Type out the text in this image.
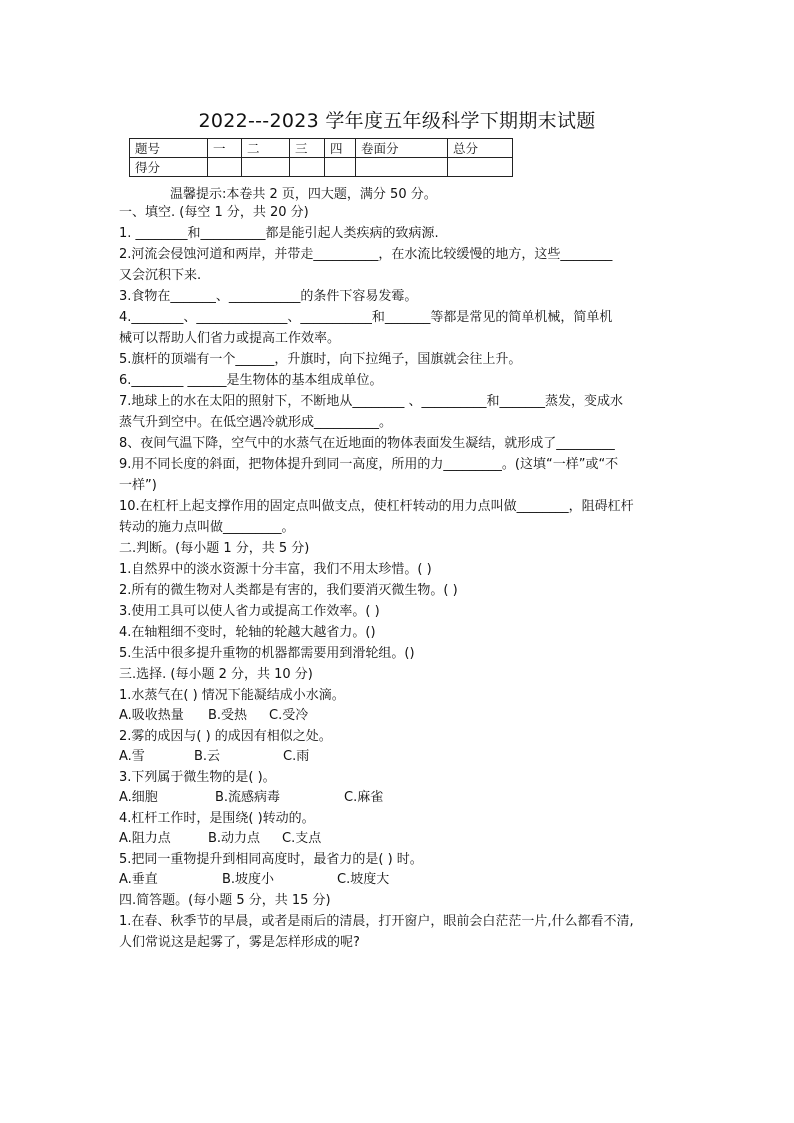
2022---2023 学年度五年级科学下期期末试题
题号	一	二	三	四	卷面分	总分
得分						
温馨提示:本卷共 2 页，四大题，满分 50 分。
一、填空. (每空 1 分，共 20 分)
1. ________和__________都是能引起人类疾病的致病源.
2.河流会侵蚀河道和两岸，并带走__________，在水流比较缓慢的地方，这些________
又会沉积下来.
3.食物在_______、___________的条件下容易发霉。
4.________、______________、___________和_______等都是常见的简单机械，简单机
械可以帮助人们省力或提高工作效率。
5.旗杆的顶端有一个______，升旗时，向下拉绳子，国旗就会往上升。
6.________ ______是生物体的基本组成单位。
7.地球上的水在太阳的照射下，不断地从________ 、__________和_______蒸发，变成水
蒸气升到空中。在低空遇冷就形成__________。
8、夜间气温下降，空气中的水蒸气在近地面的物体表面发生凝结，就形成了_________
9.用不同长度的斜面，把物体提升到同一高度，所用的力_________。(这填“一样”或“不
一样”)
10.在杠杆上起支撑作用的固定点叫做支点，使杠杆转动的用力点叫做________，阻碍杠杆
转动的施力点叫做_________。
二.判断。(每小题 1 分，共 5 分)
1.自然界中的淡水资源十分丰富，我们不用太珍惜。( )
2.所有的微生物对人类都是有害的，我们要消灭微生物。( )
3.使用工具可以使人省力或提高工作效率。( )
4.在轴粗细不变时，轮轴的轮越大越省力。()
5.生活中很多提升重物的机器都需要用到滑轮组。()
三.选择. (每小题 2 分，共 10 分)
1.水蒸气在( ) 情况下能凝结成小水滴。
A.吸收热量 B.受热 C.受冷
2.雾的成因与( ) 的成因有相似之处。
A.雪	B.云	C.雨
3.下列属于微生物的是( )。
A.细胞	B.流感病毒	C.麻雀
4.杠杆工作时，是围绕( )转动的。
A.阻力点	B.动力点 C.支点
5.把同一重物提升到相同高度时，最省力的是( ) 时。
A.垂直	B.坡度小	C.坡度大
四.简答题。(每小题 5 分，共 15 分)
1.在春、秋季节的早晨，或者是雨后的清晨，打开窗户，眼前会白茫茫一片,什么都看不清,
人们常说这是起雾了，雾是怎样形成的呢?
